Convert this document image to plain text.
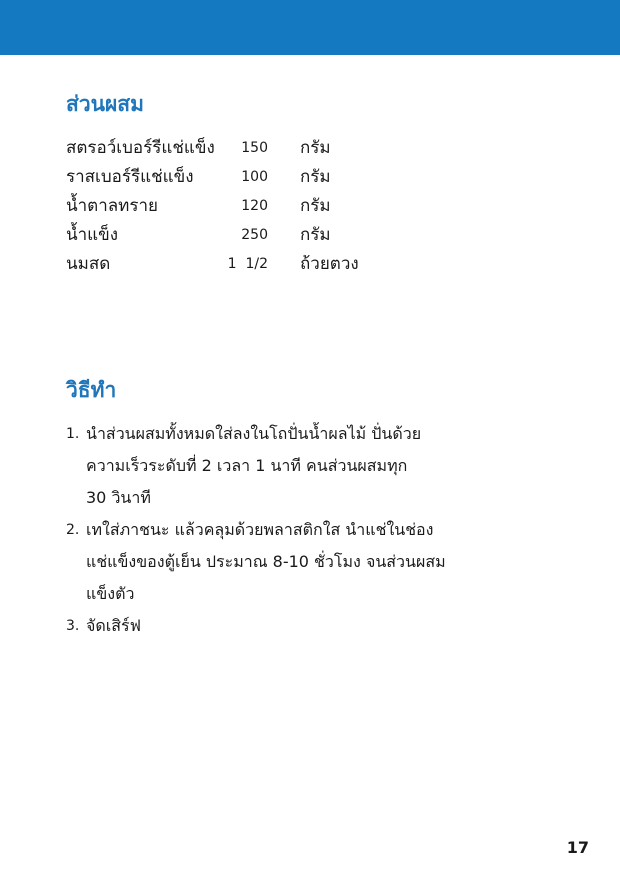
ส่วนผสม
สตรอว์เบอร์รีแช่แข็ง	150 กรัม
ราสเบอร์รีแช่แข็ง	100 กรัม
น้ำตาลทราย	120 กรัม
น้ำแข็ง	250 กรัม
นมสด	1  1/2 ถ้วยตวง
วิธีทำ
1. นำส่วนผสมทั้งหมดใส่ลงในโถปั่นน้ำผลไม้ ปั่นด้วย
ความเร็วระดับที่ 2 เวลา 1 นาที คนส่วนผสมทุก
30 วินาที
2. เทใส่ภาชนะ แล้วคลุมด้วยพลาสติกใส นำแช่ในช่อง
แช่แข็งของตู้เย็น ประมาณ 8-10 ชั่วโมง จนส่วนผสม
แข็งตัว
3. จัดเสิร์ฟ
17
